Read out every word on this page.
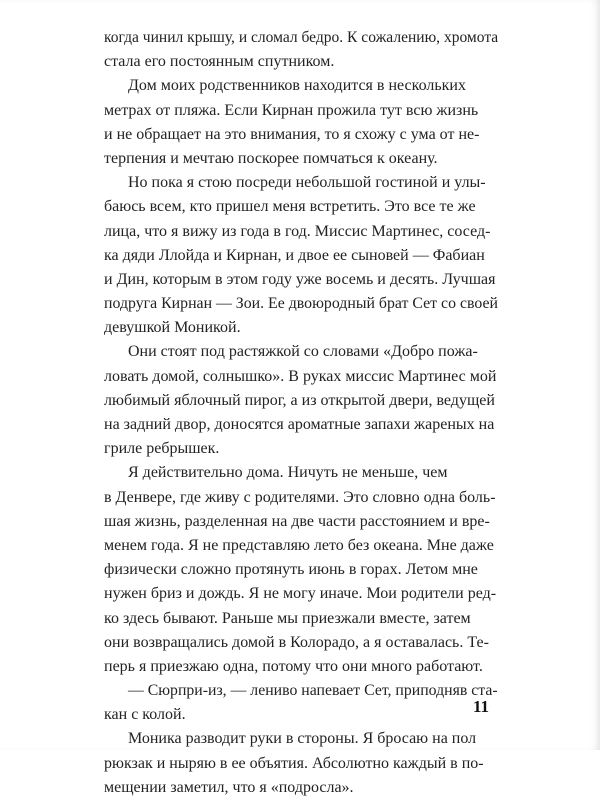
когда чинил крышу, и сломал бедро. К сожалению, хромота
стала его постоянным спутником.

Дом моих родственников находится в нескольких
метрах от пляжа. Если Кирнан прожила тут всю жизнь
и не обращает на это внимания, то я схожу с ума от не-
терпения и мечтаю поскорее помчаться к океану.

Но пока я стою посреди небольшой гостиной и улы-
баюсь всем, кто пришел меня встретить. Это все те же
лица, что я вижу из года в год. Миссис Мартинес, сосед-
ка дяди Ллойда и Кирнан, и двое ее сыновей — Фабиан
и Дин, которым в этом году уже восемь и десять. Лучшая
подруга Кирнан — Зои. Ее двоюродный брат Сет со своей
девушкой Моникой.

Они стоят под растяжкой со словами «Добро пожа-
ловать домой, солнышко». В руках миссис Мартинес мой
любимый яблочный пирог, а из открытой двери, ведущей
на задний двор, доносятся ароматные запахи жареных на
гриле ребрышек.

Я действительно дома. Ничуть не меньше, чем
в Денвере, где живу с родителями. Это словно одна боль-
шая жизнь, разделенная на две части расстоянием и вре-
менем года. Я не представляю лето без океана. Мне даже
физически сложно протянуть июнь в горах. Летом мне
нужен бриз и дождь. Я не могу иначе. Мои родители ред-
ко здесь бывают. Раньше мы приезжали вместе, затем
они возвращались домой в Колорадо, а я оставалась. Те-
перь я приезжаю одна, потому что они много работают.

— Сюрпри-из, — лениво напевает Сет, приподняв ста-
кан с колой.

Моника разводит руки в стороны. Я бросаю на пол
рюкзак и ныряю в ее объятия. Абсолютно каждый в по-
мещении заметил, что я «подросла».

11
